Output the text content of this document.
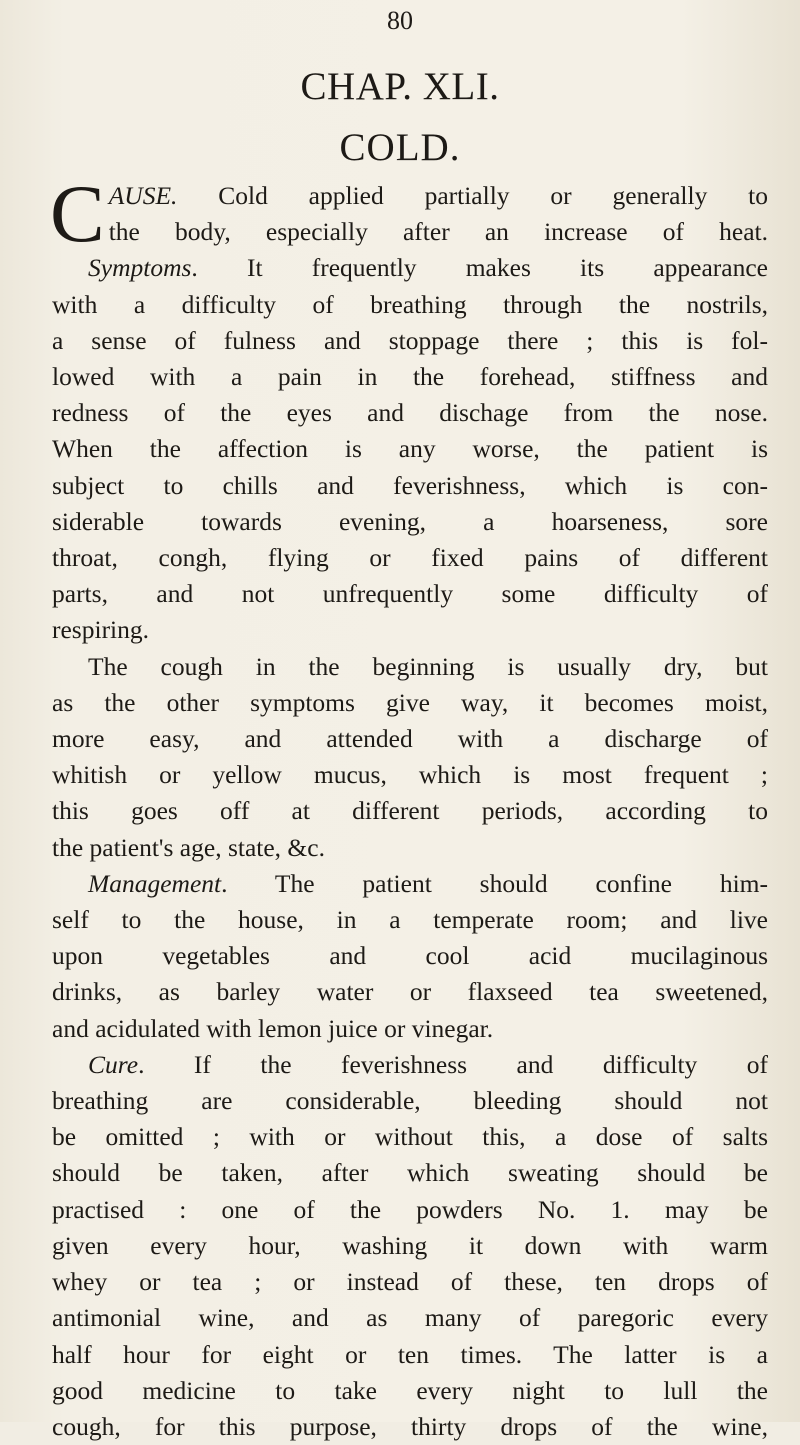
80
CHAP. XLI.
COLD.
C AUSE. Cold applied partially or generally to
the body, especially after an increase of heat.
Symptoms. It frequently makes its appearance
with a difficulty of breathing through the nostrils,
a sense of fulness and stoppage there ; this is fol-
lowed with a pain in the forehead, stiffness and
redness of the eyes and dischage from the nose.
When the affection is any worse, the patient is
subject to chills and feverishness, which is con-
siderable towards evening, a hoarseness, sore
throat, congh, flying or fixed pains of different
parts, and not unfrequently some difficulty of
respiring.
The cough in the beginning is usually dry, but
as the other symptoms give way, it becomes moist,
more easy, and attended with a discharge of
whitish or yellow mucus, which is most frequent ;
this goes off at different periods, according to
the patient's age, state, &c.
Management. The patient should confine him-
self to the house, in a temperate room; and live
upon vegetables and cool acid mucilaginous
drinks, as barley water or flaxseed tea sweetened,
and acidulated with lemon juice or vinegar.
Cure. If the feverishness and difficulty of
breathing are considerable, bleeding should not
be omitted ; with or without this, a dose of salts
should be taken, after which sweating should be
practised : one of the powders No. 1. may be
given every hour, washing it down with warm
whey or tea ; or instead of these, ten drops of
antimonial wine, and as many of paregoric every
half hour for eight or ten times. The latter is a
good medicine to take every night to lull the
cough, for this purpose, thirty drops of the wine,
